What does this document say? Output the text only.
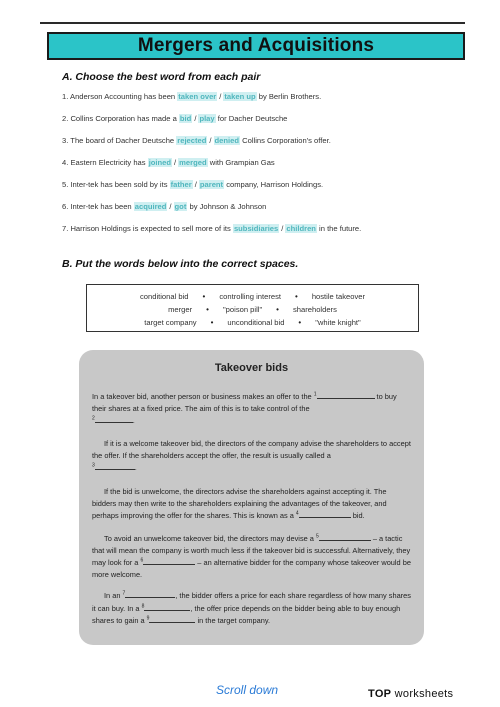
Mergers and Acquisitions
A. Choose the best word from each pair
1. Anderson Accounting has been taken over / taken up by Berlin Brothers.
2. Collins Corporation has made a bid / play for Dacher Deutsche
3. The board of Dacher Deutsche rejected / denied Collins Corporation's offer.
4. Eastern Electricity has joined / merged with Grampian Gas
5. Inter-tek has been sold by its father / parent company, Harrison Holdings.
6. Inter-tek has been acquired / got by Johnson & Johnson
7. Harrison Holdings is expected to sell more of its subsidiaries / children in the future.
B. Put the words below into the correct spaces.
conditional bid • controlling interest • hostile takeover
merger • "poison pill" • shareholders
target company • unconditional bid • "white knight"
Takeover bids
In a takeover bid, another person or business makes an offer to the $^1$	to buy their shares at a fixed price. The aim of this is to take control of the
$^2$	.
If it is a welcome takeover bid, the directors of the company advise the shareholders to accept the offer. If the shareholders accept the offer, the result is usually called a
$^3$	.
If the bid is unwelcome, the directors advise the shareholders against accepting it. The bidders may then write to the shareholders explaining the advantages of the takeover, and perhaps improving the offer for the shares. This is known as a $^4$	bid.
To avoid an unwelcome takeover bid, the directors may devise a $^5$	– a tactic that will mean the company is worth much less if the takeover bid is successful. Alternatively, they may look for a $^6$	– an alternative bidder for the company whose takeover would be more welcome.
In an $^7$	, the bidder offers a price for each share regardless of how many shares it can buy. In a $^8$	, the offer price depends on the bidder being able to buy enough shares to gain a $^9$	in the target company.
Scroll down	TOP worksheets
